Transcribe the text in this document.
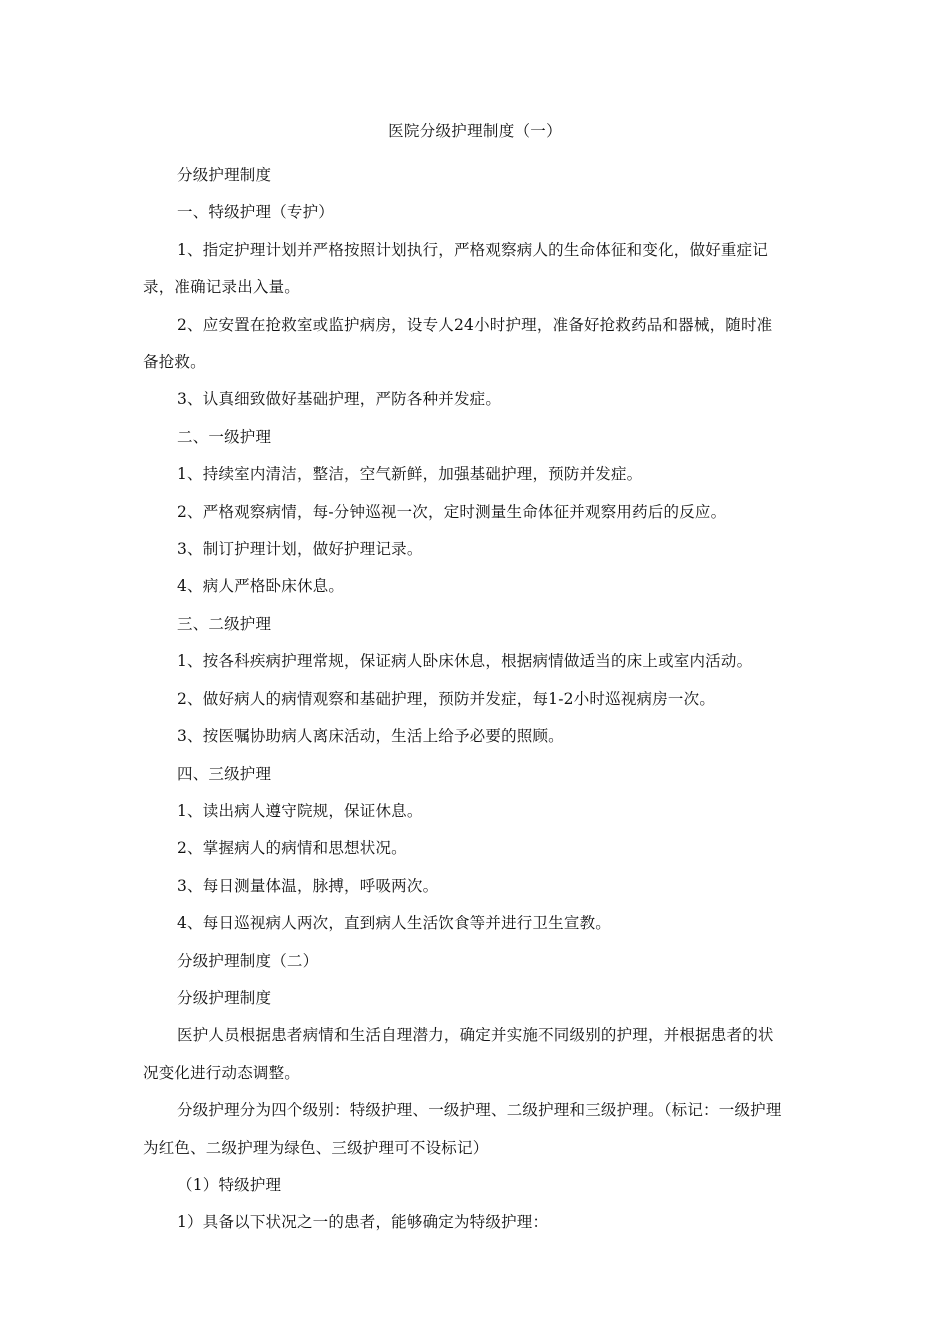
医院分级护理制度（一）

分级护理制度

一、特级护理（专护）

1、指定护理计划并严格按照计划执行，严格观察病人的生命体征和变化，做好重症记录，准确记录出入量。

2、应安置在抢救室或监护病房，设专人24小时护理，准备好抢救药品和器械，随时准备抢救。

3、认真细致做好基础护理，严防各种并发症。

二、一级护理

1、持续室内清洁，整洁，空气新鲜，加强基础护理，预防并发症。

2、严格观察病情，每-分钟巡视一次，定时测量生命体征并观察用药后的反应。

3、制订护理计划，做好护理记录。

4、病人严格卧床休息。

三、二级护理

1、按各科疾病护理常规，保证病人卧床休息，根据病情做适当的床上或室内活动。

2、做好病人的病情观察和基础护理，预防并发症，每1-2小时巡视病房一次。

3、按医嘱协助病人离床活动，生活上给予必要的照顾。

四、三级护理

1、读出病人遵守院规，保证休息。

2、掌握病人的病情和思想状况。

3、每日测量体温，脉搏，呼吸两次。

4、每日巡视病人两次，直到病人生活饮食等并进行卫生宣教。

分级护理制度（二）

分级护理制度

医护人员根据患者病情和生活自理潜力，确定并实施不同级别的护理，并根据患者的状况变化进行动态调整。

分级护理分为四个级别：特级护理、一级护理、二级护理和三级护理。（标记：一级护理为红色、二级护理为绿色、三级护理可不设标记）

（1）特级护理

1）具备以下状况之一的患者，能够确定为特级护理：
